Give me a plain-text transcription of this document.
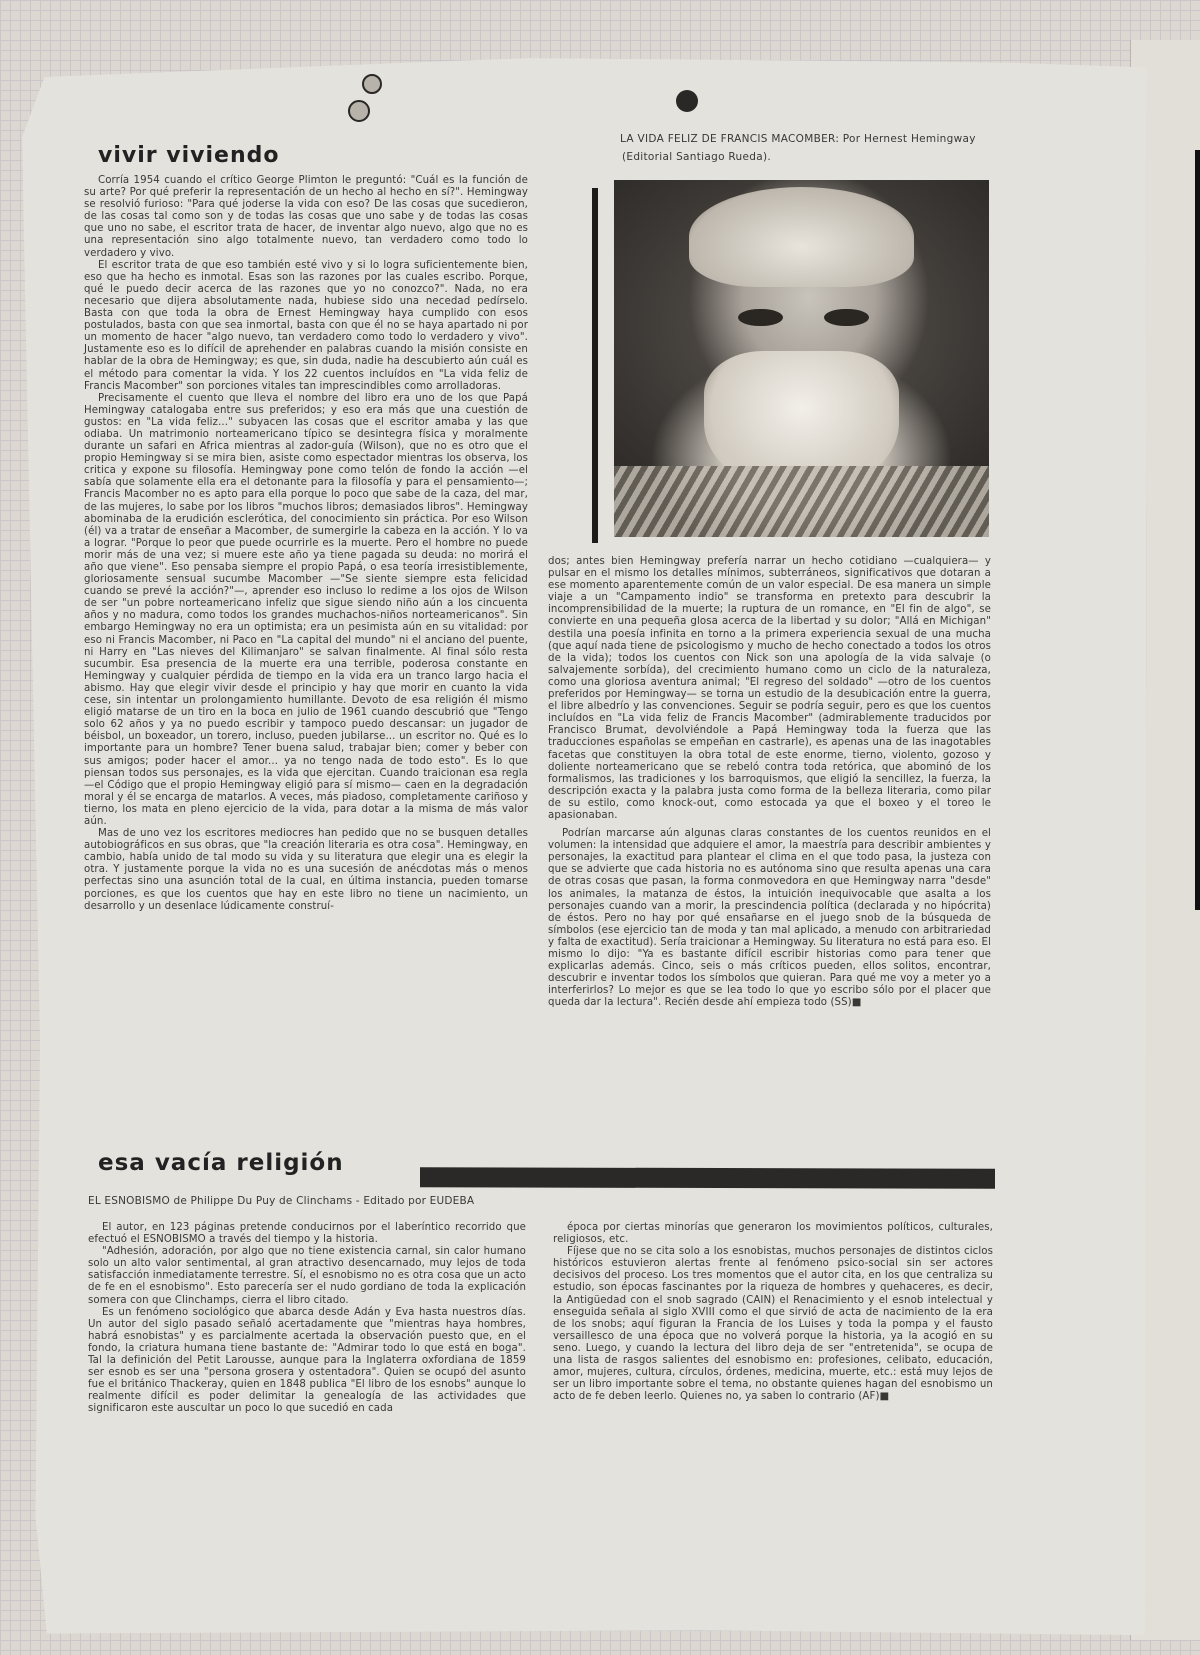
vivir viviendo

Corría 1954 cuando el crítico George Plimton le preguntó: "Cuál es la función de su arte? Por qué preferir la representación de un hecho al hecho en sí?". Hemingway se resolvió furioso: "Para qué joderse la vida con eso? De las cosas que sucedieron, de las cosas tal como son y de todas las cosas que uno sabe y de todas las cosas que uno no sabe, el escritor trata de hacer, de inventar algo nuevo, algo que no es una representación sino algo totalmente nuevo, tan verdadero como todo lo verdadero y vivo.

El escritor trata de que eso también esté vivo y si lo logra suficientemente bien, eso que ha hecho es inmotal. Esas son las razones por las cuales escribo. Porque, qué le puedo decir acerca de las razones que yo no conozco?". Nada, no era necesario que dijera absolutamente nada, hubiese sido una necedad pedírselo. Basta con que toda la obra de Ernest Hemingway haya cumplido con esos postulados, basta con que sea inmortal, basta con que él no se haya apartado ni por un momento de hacer "algo nuevo, tan verdadero como todo lo verdadero y vivo". Justamente eso es lo difícil de aprehender en palabras cuando la misión consiste en hablar de la obra de Hemingway; es que, sin duda, nadie ha descubierto aún cuál es el método para comentar la vida. Y los 22 cuentos incluídos en "La vida feliz de Francis Macomber" son porciones vitales tan imprescindibles como arrolladoras.

Precisamente el cuento que lleva el nombre del libro era uno de los que Papá Hemingway catalogaba entre sus preferidos; y eso era más que una cuestión de gustos: en "La vida feliz..." subyacen las cosas que el escritor amaba y las que odiaba. Un matrimonio norteamericano típico se desintegra física y moralmente durante un safari en Africa mientras al zador-guía (Wilson), que no es otro que el propio Hemingway si se mira bien, asiste como espectador mientras los observa, los critica y expone su filosofía. Hemingway pone como telón de fondo la acción —el sabía que solamente ella era el detonante para la filosofía y para el pensamiento—; Francis Macomber no es apto para ella porque lo poco que sabe de la caza, del mar, de las mujeres, lo sabe por los libros "muchos libros; demasiados libros". Hemingway abominaba de la erudición esclerótica, del conocimiento sin práctica. Por eso Wilson (él) va a tratar de enseñar a Macomber, de sumergirle la cabeza en la acción. Y lo va a lograr. "Porque lo peor que puede ocurrirle es la muerte. Pero el hombre no puede morir más de una vez; si muere este año ya tiene pagada su deuda: no morirá el año que viene". Eso pensaba siempre el propio Papá, o esa teoría irresistiblemente, gloriosamente sensual sucumbe Macomber —"Se siente siempre esta felicidad cuando se prevé la acción?"—, aprender eso incluso lo redime a los ojos de Wilson de ser "un pobre norteamericano infeliz que sigue siendo niño aún a los cincuenta años y no madura, como todos los grandes muchachos-niños norteamericanos". Sin embargo Hemingway no era un optimista; era un pesimista aún en su vitalidad: por eso ni Francis Macomber, ni Paco en "La capital del mundo" ni el anciano del puente, ni Harry en "Las nieves del Kilimanjaro" se salvan finalmente. Al final sólo resta sucumbir. Esa presencia de la muerte era una terrible, poderosa constante en Hemingway y cualquier pérdida de tiempo en la vida era un tranco largo hacia el abismo. Hay que elegir vivir desde el principio y hay que morir en cuanto la vida cese, sin intentar un prolongamiento humillante. Devoto de esa religión él mismo eligió matarse de un tiro en la boca en julio de 1961 cuando descubrió que "Tengo solo 62 años y ya no puedo escribir y tampoco puedo descansar: un jugador de béisbol, un boxeador, un torero, incluso, pueden jubilarse... un escritor no. Qué es lo importante para un hombre? Tener buena salud, trabajar bien; comer y beber con sus amigos; poder hacer el amor... ya no tengo nada de todo esto". Es lo que piensan todos sus personajes, es la vida que ejercitan. Cuando traicionan esa regla —el Código que el propio Hemingway eligió para sí mismo— caen en la degradación moral y él se encarga de matarlos. A veces, más piadoso, completamente cariñoso y tierno, los mata en pleno ejercicio de la vida, para dotar a la misma de más valor aún.

Mas de uno vez los escritores mediocres han pedido que no se busquen detalles autobiográficos en sus obras, que "la creación literaria es otra cosa". Hemingway, en cambio, había unido de tal modo su vida y su literatura que elegir una es elegir la otra. Y justamente porque la vida no es una sucesión de anécdotas más o menos perfectas sino una asunción total de la cual, en última instancia, pueden tomarse porciones, es que los cuentos que hay en este libro no tiene un nacimiento, un desarrollo y un desenlace lúdicamente construí-

LA VIDA FELIZ DE FRANCIS MACOMBER: Por Hernest Hemingway
(Editorial Santiago Rueda).

dos; antes bien Hemingway prefería narrar un hecho cotidiano —cualquiera— y pulsar en el mismo los detalles mínimos, subterráneos, significativos que dotaran a ese momento aparentemente común de un valor especial. De esa manera un simple viaje a un "Campamento indio" se transforma en pretexto para descubrir la incomprensibilidad de la muerte; la ruptura de un romance, en "El fin de algo", se convierte en una pequeña glosa acerca de la libertad y su dolor; "Allá en Michigan" destila una poesía infinita en torno a la primera experiencia sexual de una mucha (que aquí nada tiene de psicologismo y mucho de hecho conectado a todos los otros de la vida); todos los cuentos con Nick son una apología de la vida salvaje (o salvajemente sorbída), del crecimiento humano como un ciclo de la naturaleza, como una gloriosa aventura animal; "El regreso del soldado" —otro de los cuentos preferidos por Hemingway— se torna un estudio de la desubicación entre la guerra, el libre albedrío y las convenciones. Seguir se podría seguir, pero es que los cuentos incluídos en "La vida feliz de Francis Macomber" (admirablemente traducidos por Francisco Brumat, devolviéndole a Papá Hemingway toda la fuerza que las traducciones españolas se empeñan en castrarle), es apenas una de las inagotables facetas que constituyen la obra total de este enorme, tierno, violento, gozoso y doliente norteamericano que se rebeló contra toda retórica, que abominó de los formalismos, las tradiciones y los barroquismos, que eligió la sencillez, la fuerza, la descripción exacta y la palabra justa como forma de la belleza literaria, como pilar de su estilo, como knock-out, como estocada ya que el boxeo y el toreo le apasionaban.

Podrían marcarse aún algunas claras constantes de los cuentos reunidos en el volumen: la intensidad que adquiere el amor, la maestría para describir ambientes y personajes, la exactitud para plantear el clima en el que todo pasa, la justeza con que se advierte que cada historia no es autónoma sino que resulta apenas una cara de otras cosas que pasan, la forma conmovedora en que Hemingway narra "desde" los animales, la matanza de éstos, la intuición inequivocable que asalta a los personajes cuando van a morir, la prescindencia política (declarada y no hipócrita) de éstos. Pero no hay por qué ensañarse en el juego snob de la búsqueda de símbolos (ese ejercicio tan de moda y tan mal aplicado, a menudo con arbitrariedad y falta de exactitud). Sería traicionar a Hemingway. Su literatura no está para eso. El mismo lo dijo: "Ya es bastante difícil escribir historias como para tener que explicarlas además. Cinco, seis o más críticos pueden, ellos solitos, encontrar, descubrir e inventar todos los símbolos que quieran. Para qué me voy a meter yo a interferirlos? Lo mejor es que se lea todo lo que yo escribo sólo por el placer que queda dar la lectura". Recién desde ahí empieza todo (SS)■

esa vacía religión
EL ESNOBISMO de Philippe Du Puy de Clinchams - Editado por EUDEBA

El autor, en 123 páginas pretende conducirnos por el laberíntico recorrido que efectuó el ESNOBISMO a través del tiempo y la historia.

"Adhesión, adoración, por algo que no tiene existencia carnal, sin calor humano solo un alto valor sentimental, al gran atractivo desencarnado, muy lejos de toda satisfacción inmediatamente terrestre. Sí, el esnobismo no es otra cosa que un acto de fe en el esnobismo". Esto parecería ser el nudo gordiano de toda la explicación somera con que Clinchamps, cierra el libro citado.

Es un fenómeno sociológico que abarca desde Adán y Eva hasta nuestros días. Un autor del siglo pasado señaló acertadamente que "mientras haya hombres, habrá esnobistas" y es parcialmente acertada la observación puesto que, en el fondo, la criatura humana tiene bastante de: "Admirar todo lo que está en boga". Tal la definición del Petit Larousse, aunque para la Inglaterra oxfordiana de 1859 ser esnob es ser una "persona grosera y ostentadora". Quien se ocupó del asunto fue el británico Thackeray, quien en 1848 publica "El libro de los esnobs" aunque lo realmente difícil es poder delimitar la genealogía de las actividades que significaron este auscultar un poco lo que sucedió en cada

época por ciertas minorías que generaron los movimientos políticos, culturales, religiosos, etc.

Fíjese que no se cita solo a los esnobistas, muchos personajes de distintos ciclos históricos estuvieron alertas frente al fenómeno psico-social sin ser actores decisivos del proceso. Los tres momentos que el autor cita, en los que centraliza su estudio, son épocas fascinantes por la riqueza de hombres y quehaceres, es decir, la Antigüedad con el snob sagrado (CAIN) el Renacimiento y el esnob intelectual y enseguida señala al siglo XVIII como el que sirvió de acta de nacimiento de la era de los snobs; aquí figuran la Francia de los Luises y toda la pompa y el fausto versaillesco de una época que no volverá porque la historia, ya la acogió en su seno. Luego, y cuando la lectura del libro deja de ser "entretenida", se ocupa de una lista de rasgos salientes del esnobismo en: profesiones, celibato, educación, amor, mujeres, cultura, círculos, órdenes, medicina, muerte, etc.: está muy lejos de ser un libro importante sobre el tema, no obstante quienes hagan del esnobismo un acto de fe deben leerlo. Quienes no, ya saben lo contrario (AF)■
